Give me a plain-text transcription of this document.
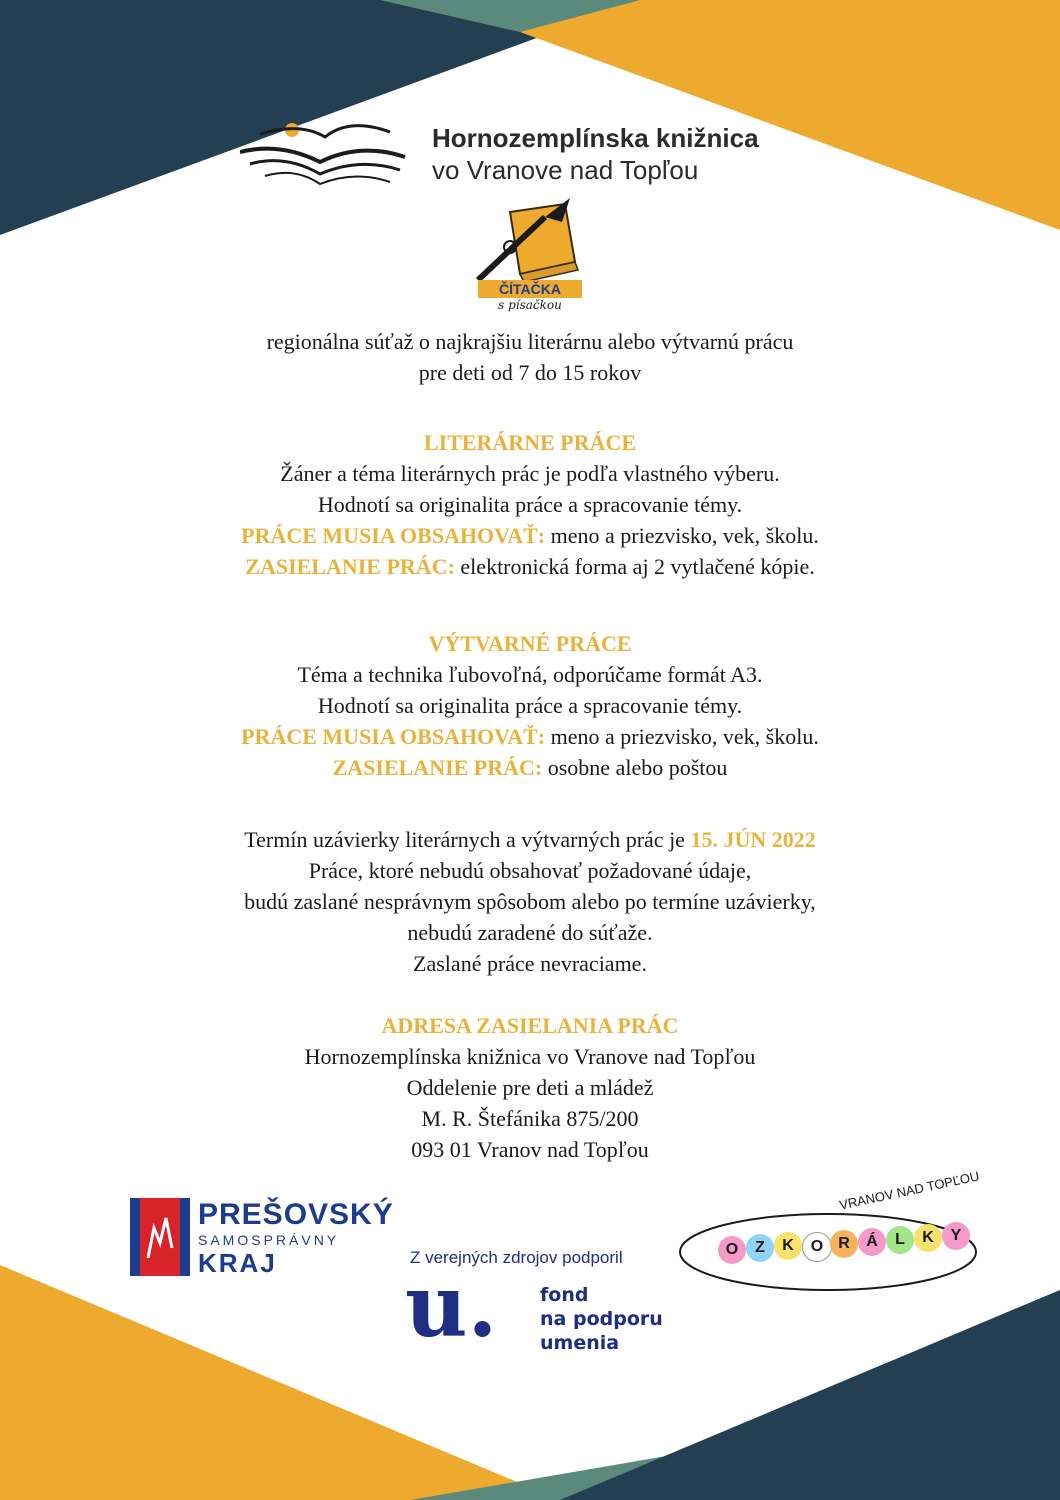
Hornozemplínska knižnica
vo Vranove nad Topľou
ČÍTAČKA
s písačkou
regionálna súťaž o najkrajšiu literárnu alebo výtvarnú prácu
pre deti od 7 do 15 rokov
LITERÁRNE PRÁCE
Žáner a téma literárnych prác je podľa vlastného výberu.
Hodnotí sa originalita práce a spracovanie témy.
PRÁCE MUSIA OBSAHOVAŤ: meno a priezvisko, vek, školu.
ZASIELANIE PRÁC: elektronická forma aj 2 vytlačené kópie.
VÝTVARNÉ PRÁCE
Téma a technika ľubovoľná, odporúčame formát A3.
Hodnotí sa originalita práce a spracovanie témy.
PRÁCE MUSIA OBSAHOVAŤ: meno a priezvisko, vek, školu.
ZASIELANIE PRÁC: osobne alebo poštou
Termín uzávierky literárnych a výtvarných prác je 15. JÚN 2022
Práce, ktoré nebudú obsahovať požadované údaje,
budú zaslané nesprávnym spôsobom alebo po termíne uzávierky,
nebudú zaradené do súťaže.
Zaslané práce nevraciame.
ADRESA ZASIELANIA PRÁC
Hornozemplínska knižnica vo Vranove nad Topľou
Oddelenie pre deti a mládež
M. R. Štefánika 875/200
093 01 Vranov nad Topľou
PREŠOVSKÝ
SAMOSPRÁVNY
KRAJ	Z verejných zdrojov podporil
u. fond
na podporu
umenia
VRANOV NAD TOPĽOU
O	Z	K	O R	Á	L	K	Y
